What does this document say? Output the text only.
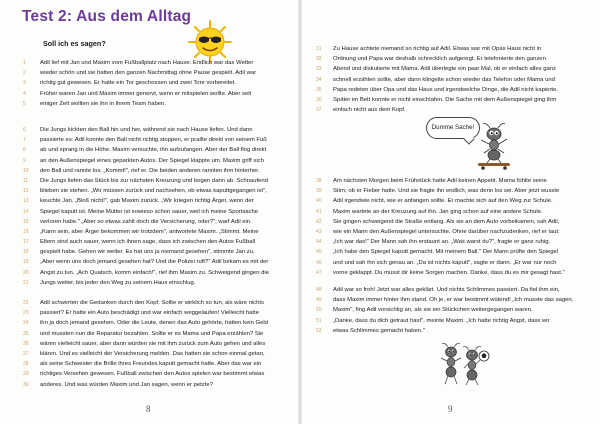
Test 2: Aus dem Alltag
Soll ich es sagen?
1	Adil lief mit Jan und Maxim vom Fußballplatz nach Hause. Endlich war das Wetter
2	wieder schön und sie hatten den ganzen Nachmittag ohne Pause gespielt. Adil war
3	richtig gut gewesen. Er hatte ein Tor geschossen und zwei Tore vorbereitet.
4	Früher waren Jan und Maxim immer genervt, wenn er mitspielen wollte. Aber seit
5	einiger Zeit wollten sie ihn in ihrem Team haben.
6	Die Jungs kickten den Ball hin und her, während sie nach Hause liefen. Und dann
7	passierte es: Adil konnte den Ball nicht richtig stoppen, er prallte direkt von seinem Fuß
8	ab und sprang in die Höhe. Maxim versuchte, ihn aufzufangen. Aber der Ball flog direkt
9	an den Außenspiegel eines geparkten Autos. Der Spiegel klappte um. Maxim griff sich
10	den Ball und rannte los. „Kommt!", rief er. Die beiden anderen rannten ihm hinterher.
11	Die Jungs liefen das Stück bis zur nächsten Kreuzung und bogen dann ab. Schnaufend
12	blieben sie stehen. „Wir müssen zurück und nachsehen, ob etwas kaputtgegangen ist",
13	keuchte Jan. „Bloß nicht!", gab Maxim zurück. „Wir kriegen richtig Ärger, wenn der
14	Spiegel kaputt ist. Meine Mutter ist sowieso schon sauer, weil ich meine Sportsache
15	verloren habe." „Aber so etwas zahlt doch die Versicherung, oder?", warf Adil ein.
16	„Kann sein, aber Ärger bekommen wir trotzdem", antwortete Maxim. „Stimmt. Meine
17	Eltern sind auch sauer, wenn ich ihnen sage, dass ich zwischen den Autos Fußball
18	gespielt habe. Gehen wir weiter. Es hat uns ja niemand gesehen", stimmte Jan zu.
19	„Aber wenn uns doch jemand gesehen hat? Und die Polizei ruft?" Adil bekam es mit der
20	Angst zu tun. „Ach Quatsch, komm einfach!", rief ihm Maxim zu. Schweigend gingen die
21	Jungs weiter, bis jeder den Weg zu seinem Haus einschlug.
22	Adil schwirrten die Gedanken durch den Kopf. Sollte er wirklich so tun, als wäre nichts
23	passiert? Er hatte ein Auto beschädigt und war einfach weggelaufen! Vielleicht hatte
24	ihn ja doch jemand gesehen. Oder die Leute, denen das Auto gehörte, hatten kein Geld
25	und mussten nun die Reparatur bezahlen. Sollte er es Mama und Papa erzählen? Sie
26	wären vielleicht sauer, aber dann würden sie mit ihm zurück zum Auto gehen und alles
27	klären. Und es vielleicht der Versicherung melden. Das hatten sie schon einmal getan,
28	als seine Schwester die Brille ihres Freundes kaputt gemacht hatte. Aber das war ein
29	richtiges Versehen gewesen. Fußball zwischen den Autos spielen war bestimmt etwas
30	anderes. Und was würden Maxim und Jan sagen, wenn er petzte?
8
31	Zu Hause achtete niemand so richtig auf Adil. Etwas war mit Opas Haus nicht in
32	Ordnung und Papa war deshalb schrecklich aufgeregt. Er telefonierte den ganzen
33	Abend und diskutierte mit Mama. Adil überlegte ein paar Mal, ob er einfach alles ganz
34	schnell erzählen sollte, aber dann klingelte schon wieder das Telefon oder Mama und
35	Papa redeten über Opa und das Haus und irgendwelche Dinge, die Adil nicht kapierte.
36	Später im Bett konnte er nicht einschlafen. Die Sache mit dem Außenspiegel ging ihm
37	einfach nicht aus dem Kopf.
Dumme Sache!
38	Am nächsten Morgen beim Frühstück hatte Adil keinen Appetit. Mama fühlte seine
39	Stirn, ob er Fieber hatte. Und sie fragte ihn endlich, was denn los sei. Aber jetzt wusste
40	Adil irgendwie nicht, wie er anfangen sollte. Er machte sich auf den Weg zur Schule.
41	Maxim wartete an der Kreuzung auf ihn. Jan ging schon auf eine andere Schule.
42	Sie gingen schweigend die Straße entlang. Als sie an dem Auto vorbeikamen, sah Adil,
43	wie ein Mann den Außenspiegel untersuchte. Ohne darüber nachzudenken, rief er laut:
44	„Ich war das!" Der Mann sah ihn erstaunt an. „Was warst du?", fragte er ganz ruhig.
45	„Ich habe den Spiegel kaputt gemacht. Mit meinem Ball." Der Mann prüfte den Spiegel
46	und und sah ihn sich genau an. „Da ist nichts kaputt", sagte er dann. „Er war nur noch
47	vorne geklappt. Du musst dir keine Sorgen machen. Danke, dass du es mir gesagt hast."
48	Adil war so froh! Jetzt war alles geklärt. Und nichts Schlimmes passiert. Da fiel ihm ein,
49	dass Maxim immer hinter ihm stand. Oh je, er war bestimmt wütend! „Ich musste das sagen,
50	Maxim", fing Adil vorsichtig an, als sie ein Stückchen weitergegangen waren.
51	„Danke, dass du dich getraut hast", meinte Maxim. „Ich hatte richtig Angst, dass wir
52	etwas Schlimmes gemacht haben."
9
